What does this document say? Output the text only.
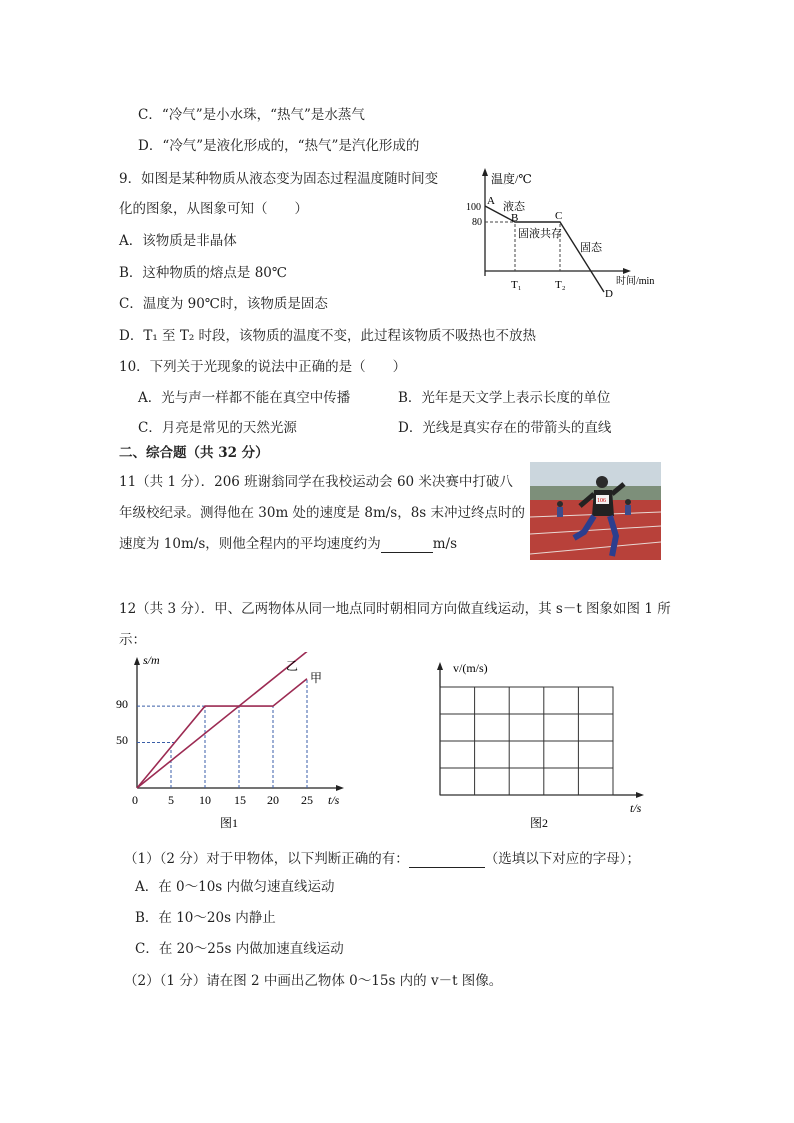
C．“冷气”是小水珠，“热气”是水蒸气
D．“冷气”是液化形成的，“热气”是汽化形成的
9．如图是某种物质从液态变为固态过程温度随时间变
化的图象，从图象可知（　　）
A．该物质是非晶体
B．这种物质的熔点是 80℃
C．温度为 90℃时，该物质是固态
D．T₁ 至 T₂ 时段，该物质的温度不变，此过程该物质不吸热也不放热
温度/℃
100
80
A
B	C
D
液态
固液共存
固态
T₁	T₂	时间/min
10．下列关于光现象的说法中正确的是（　　）
A．光与声一样都不能在真空中传播	B．光年是天文学上表示长度的单位
C．月亮是常见的天然光源	D．光线是真实存在的带箭头的直线
二、综合题（共 32 分）
11（共 1 分）．206 班谢翁同学在我校运动会 60 米决赛中打破八
年级校纪录。测得他在 30m 处的速度是 8m/s，8s 末冲过终点时的
速度为 10m/s，则他全程内的平均速度约为	m/s
106
12（共 3 分）．甲、乙两物体从同一地点同时朝相同方向做直线运动，其 s－t 图象如图 1 所
示：
s/m
t/s
90
50
0	5 10 15 20 25
乙
甲
图1
v/(m/s)
t/s
图2
（1）（2 分）对于甲物体，以下判断正确的有：	（选填以下对应的字母）；
A．在 0～10s 内做匀速直线运动
B．在 10～20s 内静止
C．在 20～25s 内做加速直线运动
（2）（1 分）请在图 2 中画出乙物体 0～15s 内的 v－t 图像。
